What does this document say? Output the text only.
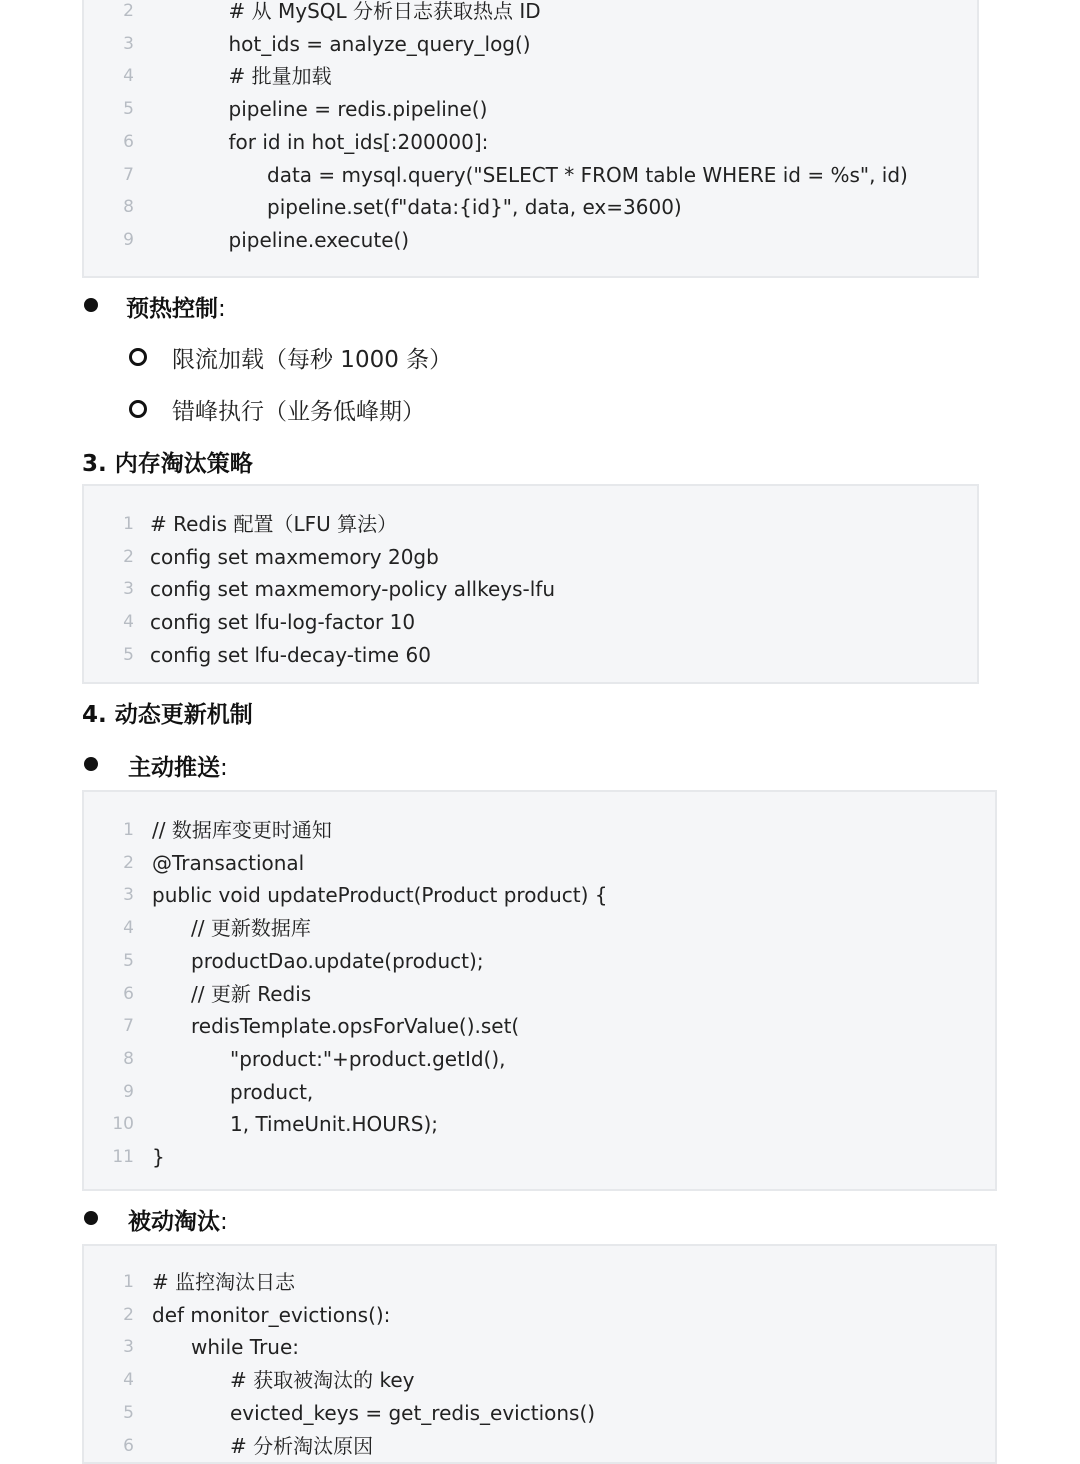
2	# 从 MySQL 分析日志获取热点 ID
3	hot_ids = analyze_query_log()
4	# 批量加载
5	pipeline = redis.pipeline()
6	for id in hot_ids[:200000]:
7	data = mysql.query("SELECT * FROM table WHERE id = %s", id)
8	pipeline.set(f"data:{id}", data, ex=3600)
9	pipeline.execute()
预热控制:
限流加载（每秒 1000 条）
错峰执行（业务低峰期）
3. 内存淘汰策略
1 # Redis 配置（LFU 算法）
2 config set maxmemory 20gb
3 config set maxmemory-policy allkeys-lfu
4 config set lfu-log-factor 10
5 config set lfu-decay-time 60
4. 动态更新机制
主动推送:
1 // 数据库变更时通知
2 @Transactional
3 public void updateProduct(Product product) {
4	// 更新数据库
5	productDao.update(product);
6	// 更新 Redis
7	redisTemplate.opsForValue().set(
8	"product:"+product.getId(),
9	product,
10	1, TimeUnit.HOURS);
11 }
被动淘汰:
1 # 监控淘汰日志
2 def monitor_evictions():
3	while True:
4	# 获取被淘汰的 key
5	evicted_keys = get_redis_evictions()
6	# 分析淘汰原因
